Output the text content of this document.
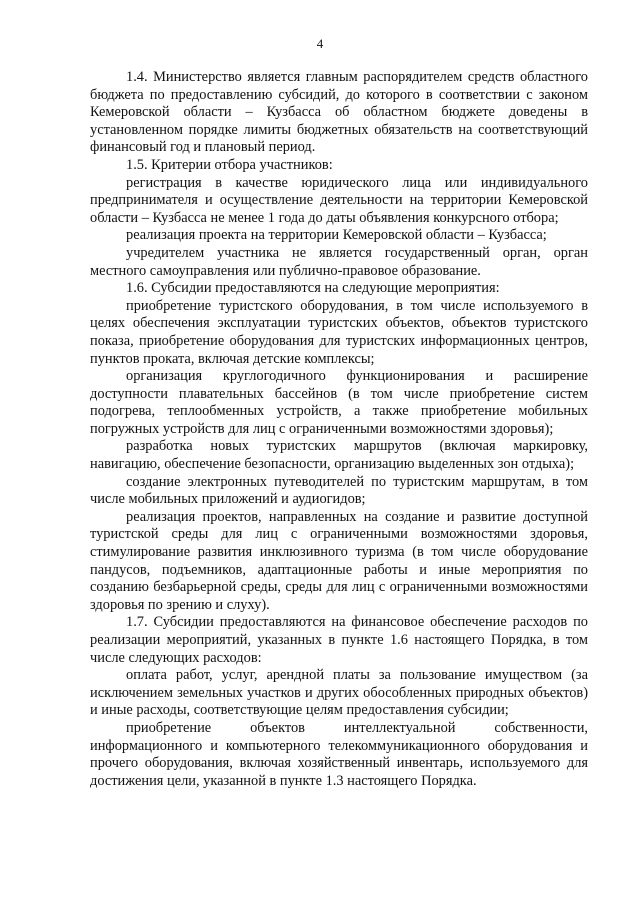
4

1.4. Министерство является главным распорядителем средств областного бюджета по предоставлению субсидий, до которого в соответствии с законом Кемеровской области – Кузбасса об областном бюджете доведены в установленном порядке лимиты бюджетных обязательств на соответствующий финансовый год и плановый период.

1.5. Критерии отбора участников:

регистрация в качестве юридического лица или индивидуального предпринимателя и осуществление деятельности на территории Кемеровской области – Кузбасса не менее 1 года до даты объявления конкурсного отбора;

реализация проекта на территории Кемеровской области – Кузбасса;

учредителем участника не является государственный орган, орган местного самоуправления или публично-правовое образование.

1.6. Субсидии предоставляются на следующие мероприятия:

приобретение туристского оборудования, в том числе используемого в целях обеспечения эксплуатации туристских объектов, объектов туристского показа, приобретение оборудования для туристских информационных центров, пунктов проката, включая детские комплексы;

организация круглогодичного функционирования и расширение доступности плавательных бассейнов (в том числе приобретение систем подогрева, теплообменных устройств, а также приобретение мобильных погружных устройств для лиц с ограниченными возможностями здоровья);

разработка новых туристских маршрутов (включая маркировку, навигацию, обеспечение безопасности, организацию выделенных зон отдыха);

создание электронных путеводителей по туристским маршрутам, в том числе мобильных приложений и аудиогидов;

реализация проектов, направленных на создание и развитие доступной туристской среды для лиц с ограниченными возможностями здоровья, стимулирование развития инклюзивного туризма (в том числе оборудование пандусов, подъемников, адаптационные работы и иные мероприятия по созданию безбарьерной среды, среды для лиц с ограниченными возможностями здоровья по зрению и слуху).

1.7. Субсидии предоставляются на финансовое обеспечение расходов по реализации мероприятий, указанных в пункте 1.6 настоящего Порядка, в том числе следующих расходов:

оплата работ, услуг, арендной платы за пользование имуществом (за исключением земельных участков и других обособленных природных объектов) и иные расходы, соответствующие целям предоставления субсидии;

приобретение объектов интеллектуальной собственности, информационного и компьютерного телекоммуникационного оборудования и прочего оборудования, включая хозяйственный инвентарь, используемого для достижения цели, указанной в пункте 1.3 настоящего Порядка.
